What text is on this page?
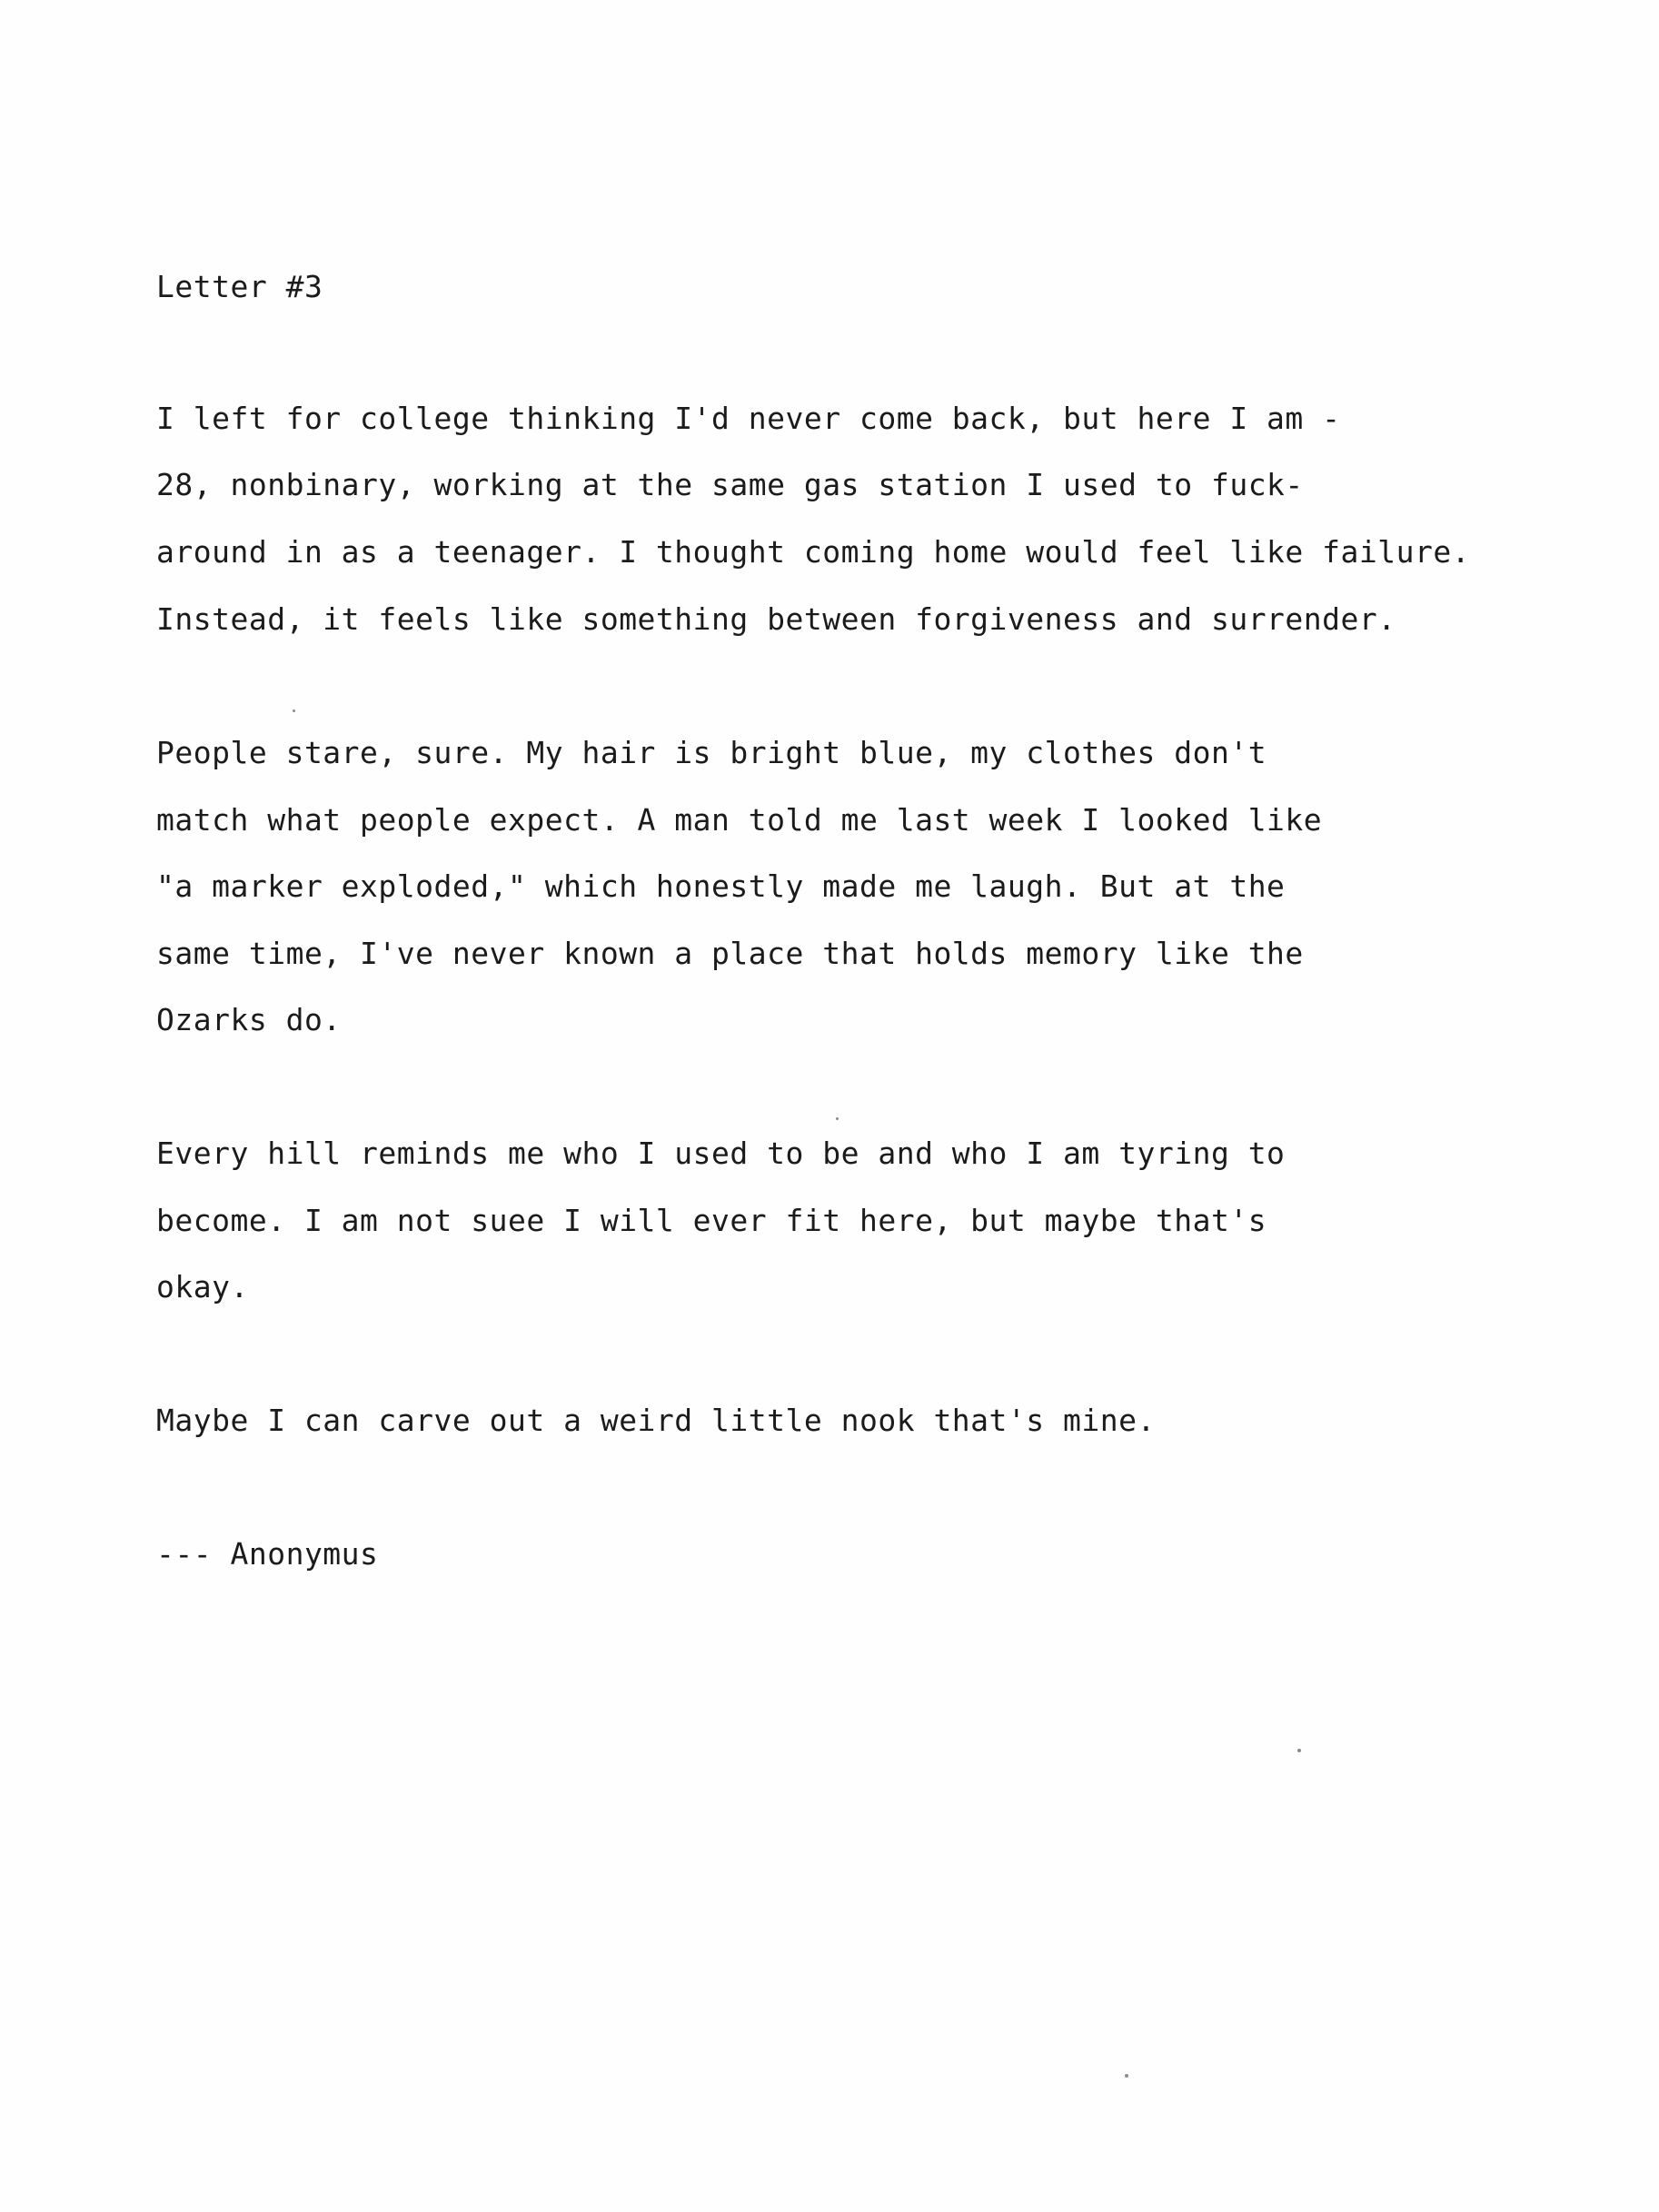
Letter #3

I left for college thinking I'd never come back, but here I am -

28, nonbinary, working at the same gas station I used to fuck-

around in as a teenager. I thought coming home would feel like failure.

Instead, it feels like something between forgiveness and surrender.

People stare, sure. My hair is bright blue, my clothes don't

match what people expect. A man told me last week I looked like

"a marker exploded," which honestly made me laugh. But at the

same time, I've never known a place that holds memory like the

Ozarks do.

Every hill reminds me who I used to be and who I am tyring to

become. I am not suee I will ever fit here, but maybe that's

okay.

Maybe I can carve out a weird little nook that's mine.

--- Anonymus
